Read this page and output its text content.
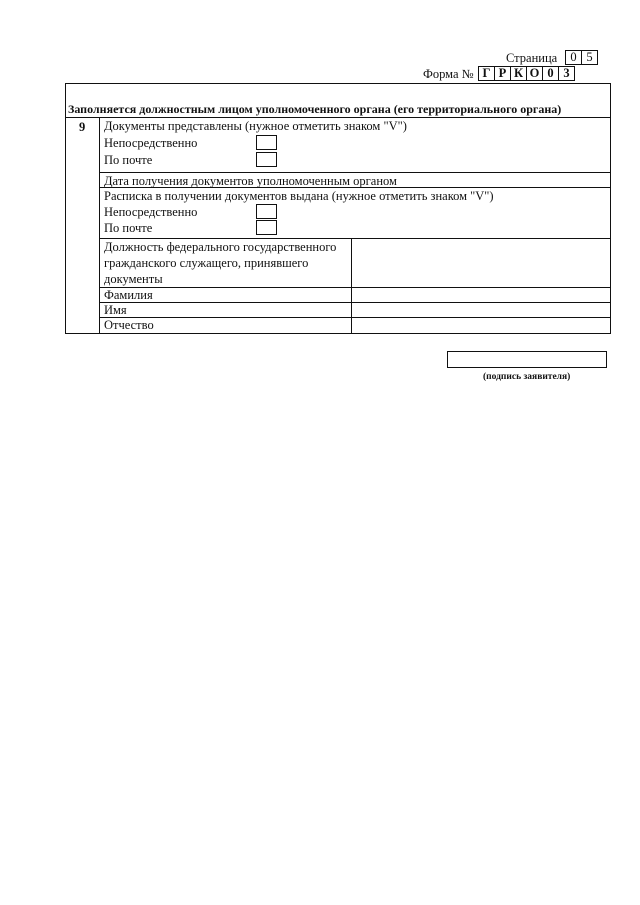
Страница	0 5
Форма № Г Р К О 0 3
Заполняется должностным лицом уполномоченного органа (его территориального органа)
9 Документы представлены (нужное отметить знаком "V")
Непосредственно
По почте
Дата получения документов уполномоченным органом
Расписка в получении документов выдана (нужное отметить знаком "V")
Непосредственно
По почте
Должность федерального государственного
гражданского служащего, принявшего
документы
Фамилия
Имя
Отчество
(подпись заявителя)
